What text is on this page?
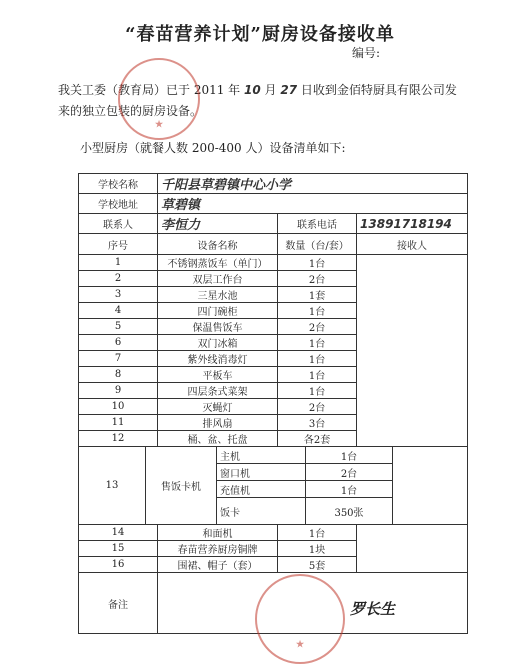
“春苗营养计划”厨房设备接收单
编号:
我关工委（教育局）已于 2011 年 10 月 27 日收到金佰特厨具有限公司发来的独立包装的厨房设备。
小型厨房（就餐人数 200-400 人）设备清单如下:
★
学校名称	千阳县草碧镇中心小学
学校地址	草碧镇
联系人	李恒力	联系电话	13891718194
序号	设备名称	数量（台/套）	接收人
1	不锈钢蒸饭车（单门）	1台	
2	双层工作台	2台
3	三星水池	1套
4	四门碗柜	1台
5	保温售饭车	2台
6	双门冰箱	1台
7	紫外线消毒灯	1台
8	平板车	1台
9	四层条式菜架	1台
10	灭蝇灯	2台
11	排风扇	3台
12	桶、盆、托盘	各2套

13	售饭卡机	主机	1台	
窗口机	2台
充值机	1台
饭卡	350张

14	和面机	1台	
15	春苗营养厨房铜牌	1块
16	围裙、帽子（套）	5套
备注	
★
罗长生
